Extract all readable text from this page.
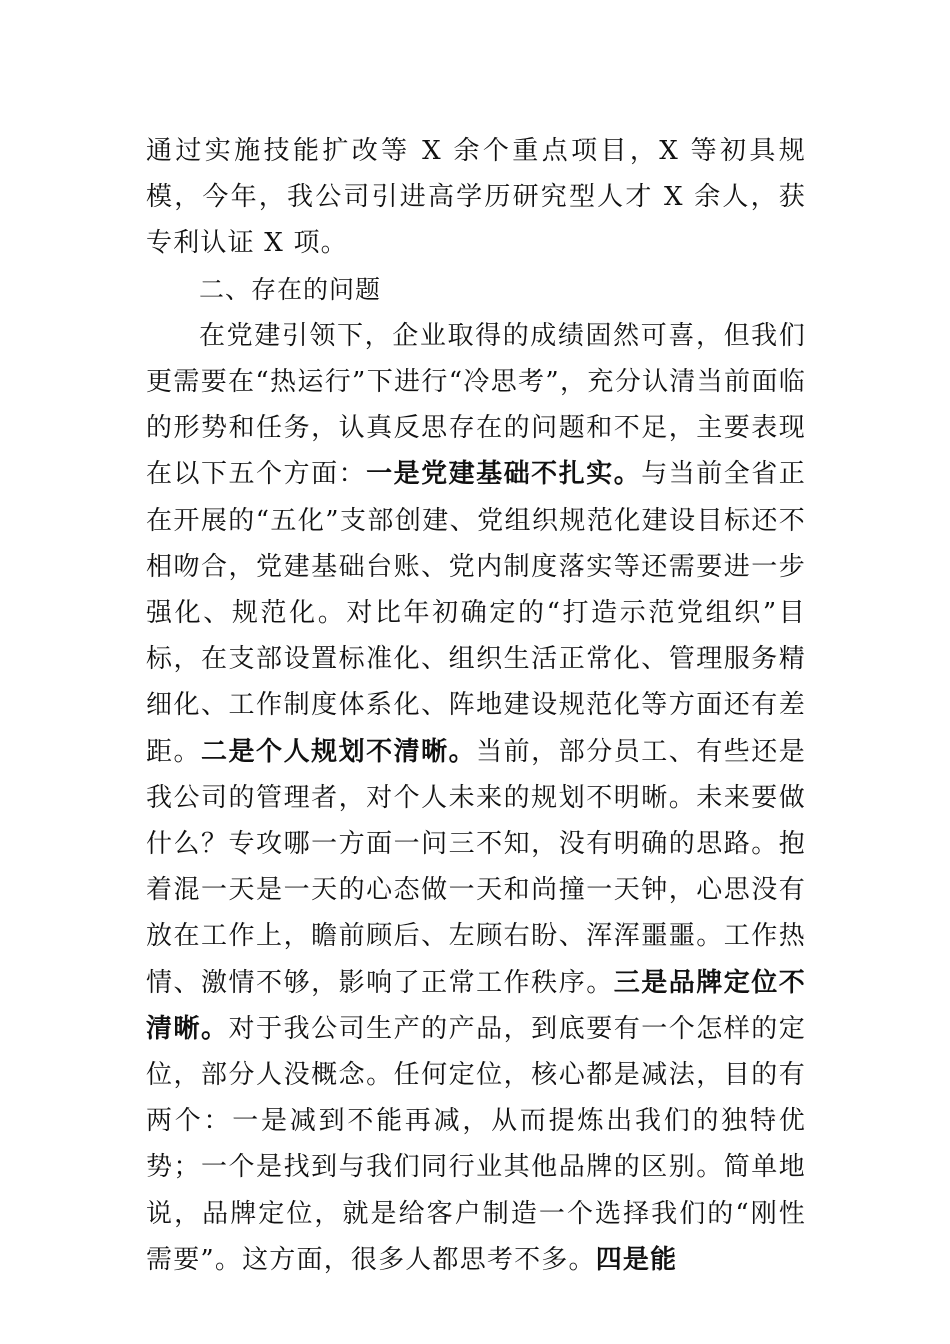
通过实施技能扩改等 X 余个重点项目，X 等初具规模，今年，我公司引进高学历研究型人才 X 余人，获专利认证 X 项。

二、存在的问题

在党建引领下，企业取得的成绩固然可喜，但我们更需要在“热运行”下进行“冷思考”，充分认清当前面临的形势和任务，认真反思存在的问题和不足，主要表现在以下五个方面：一是党建基础不扎实。与当前全省正在开展的“五化”支部创建、党组织规范化建设目标还不相吻合，党建基础台账、党内制度落实等还需要进一步强化、规范化。对比年初确定的“打造示范党组织”目标，在支部设置标准化、组织生活正常化、管理服务精细化、工作制度体系化、阵地建设规范化等方面还有差距。二是个人规划不清晰。当前，部分员工、有些还是我公司的管理者，对个人未来的规划不明晰。未来要做什么？专攻哪一方面一问三不知，没有明确的思路。抱着混一天是一天的心态做一天和尚撞一天钟，心思没有放在工作上，瞻前顾后、左顾右盼、浑浑噩噩。工作热情、激情不够，影响了正常工作秩序。三是品牌定位不清晰。对于我公司生产的产品，到底要有一个怎样的定位，部分人没概念。任何定位，核心都是减法，目的有两个：一是减到不能再减，从而提炼出我们的独特优势；一个是找到与我们同行业其他品牌的区别。简单地说，品牌定位，就是给客户制造一个选择我们的“刚性需要”。这方面，很多人都思考不多。四是能
